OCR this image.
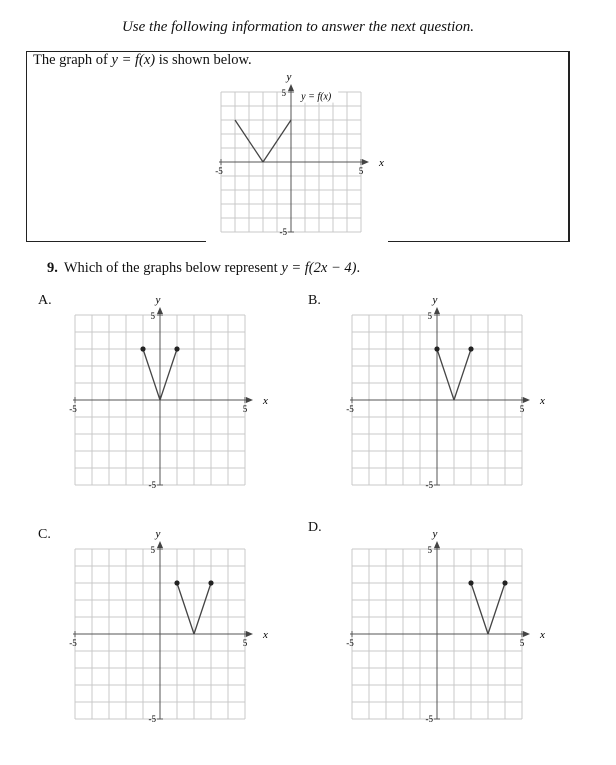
Use the following information to answer the next question.
The graph of y = f(x) is shown below.
9. Which of the graphs below represent y = f(2x − 4).
A.	B.
C.	D.
y
x
5
-5
-5	5
y = f(x)
y
x
5
-5
-5	5
y
x
5
-5
-5	5
y
x
5
-5
-5	5
y
x
5
-5
-5	5
